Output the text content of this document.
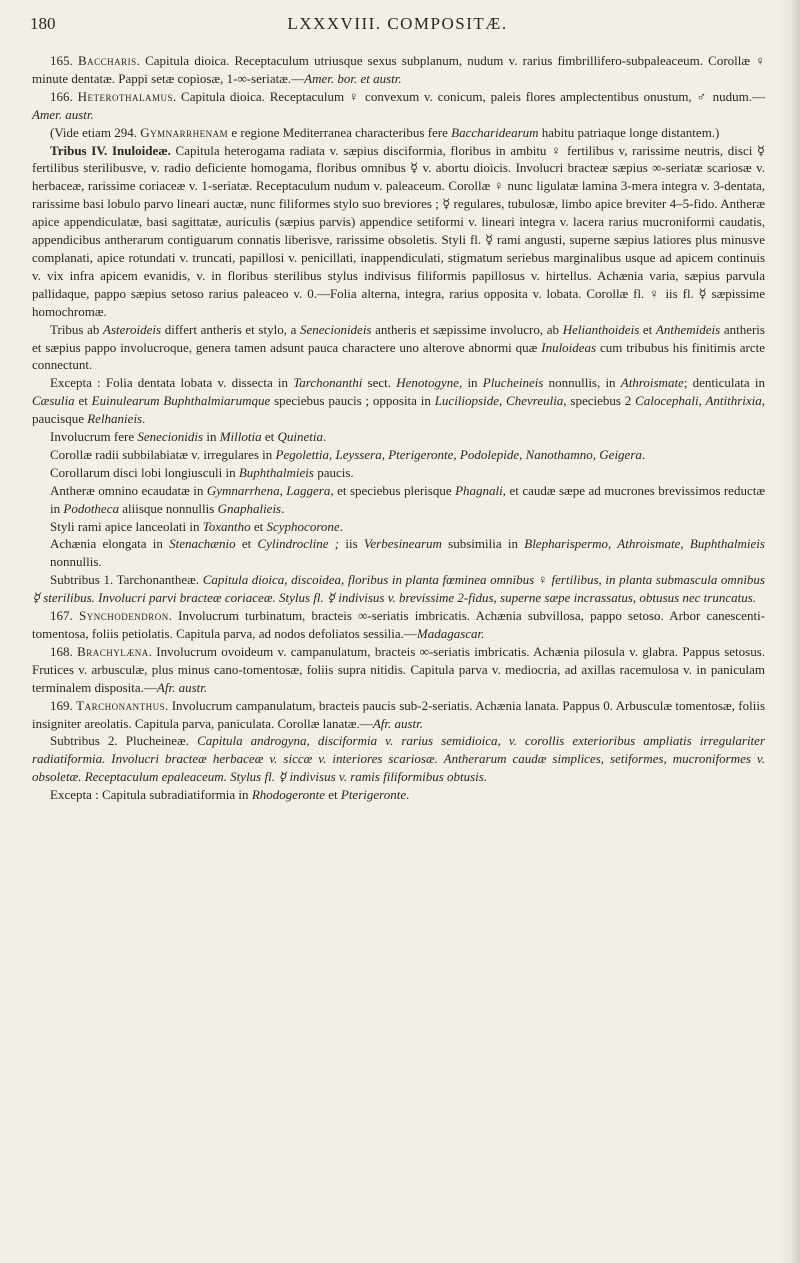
180	LXXXVIII. COMPOSITÆ.

165. Baccharis. Capitula dioica. Receptaculum utriusque sexus subplanum, nudum v. rarius fimbrillifero-subpaleaceum. Corollæ ♀ minute dentatæ. Pappi setæ copiosæ, 1-∞-seriatæ.—Amer. bor. et austr.

166. Heterothalamus. Capitula dioica. Receptaculum ♀ convexum v. conicum, paleis flores amplectentibus onustum, ♂ nudum.—Amer. austr.

(Vide etiam 294. Gymnarrhenam e regione Mediterranea characteribus fere Baccharidearum habitu patriaque longe distantem.)

Tribus IV. Inuloideæ. Capitula heterogama radiata v. sæpius disciformia, floribus in ambitu ♀ fertilibus v, rarissime neutris, disci ☿ fertilibus sterilibusve, v. radio deficiente homogama, floribus omnibus ☿ v. abortu dioicis. Involucri bracteæ sæpius ∞-seriatæ scariosæ v. herbaceæ, rarissime coriaceæ v. 1-seriatæ. Receptaculum nudum v. paleaceum. Corollæ ♀ nunc ligulatæ lamina 3-mera integra v. 3-dentata, rarissime basi lobulo parvo lineari auctæ, nunc filiformes stylo suo breviores ; ☿ regulares, tubulosæ, limbo apice breviter 4–5-fido. Antheræ apice appendiculatæ, basi sagittatæ, auriculis (sæpius parvis) appendice setiformi v. lineari integra v. lacera rarius mucroniformi caudatis, appendicibus antherarum contiguarum connatis liberisve, rarissime obsoletis. Styli fl. ☿ rami angusti, superne sæpius latiores plus minusve complanati, apice rotundati v. truncati, papillosi v. penicillati, inappendiculati, stigmatum seriebus marginalibus usque ad apicem continuis v. vix infra apicem evanidis, v. in floribus sterilibus stylus indivisus filiformis papillosus v. hirtellus. Achænia varia, sæpius parvula pallidaque, pappo sæpius setoso rarius paleaceo v. 0.—Folia alterna, integra, rarius opposita v. lobata. Corollæ fl. ♀ iis fl. ☿ sæpissime homochromæ.

Tribus ab Asteroideis differt antheris et stylo, a Senecionideis antheris et sæpissime involucro, ab Helianthoideis et Anthemideis antheris et sæpius pappo involucroque, genera tamen adsunt pauca charactere uno alterove abnormi quæ Inuloideas cum tribubus his finitimis arcte connectunt.

Excepta : Folia dentata lobata v. dissecta in Tarchonanthi sect. Henotogyne, in Plucheineis nonnullis, in Athroismate; denticulata in Cæsulia et Euinulearum Buphthalmiarumque speciebus paucis ; opposita in Luciliopside, Chevreulia, speciebus 2 Calocephali, Antithrixia, paucisque Relhanieis.

Involucrum fere Senecionidis in Millotia et Quinetia.

Corollæ radii subbilabiatæ v. irregulares in Pegolettia, Leyssera, Pterigeronte, Podolepide, Nanothamno, Geigera.

Corollarum disci lobi longiusculi in Buphthalmieis paucis.

Antheræ omnino ecaudatæ in Gymnarrhena, Laggera, et speciebus plerisque Phagnali, et caudæ sæpe ad mucrones brevissimos reductæ in Podotheca aliisque nonnullis Gnaphalieis.

Styli rami apice lanceolati in Toxantho et Scyphocorone.

Achænia elongata in Stenachænio et Cylindrocline ; iis Verbesinearum subsimilia in Blepharispermo, Athroismate, Buphthalmieis nonnullis.

Subtribus 1. Tarchonantheæ. Capitula dioica, discoidea, floribus in planta fœminea omnibus ♀ fertilibus, in planta submascula omnibus ☿ sterilibus. Involucri parvi bracteæ coriaceæ. Stylus fl. ☿ indivisus v. brevissime 2-fidus, superne sæpe incrassatus, obtusus nec truncatus.

167. Synchodendron. Involucrum turbinatum, bracteis ∞-seriatis imbricatis. Achænia subvillosa, pappo setoso. Arbor canescenti-tomentosa, foliis petiolatis. Capitula parva, ad nodos defoliatos sessilia.—Madagascar.

168. Brachylæna. Involucrum ovoideum v. campanulatum, bracteis ∞-seriatis imbricatis. Achænia pilosula v. glabra. Pappus setosus. Frutices v. arbusculæ, plus minus cano-tomentosæ, foliis supra nitidis. Capitula parva v. mediocria, ad axillas racemulosa v. in paniculam terminalem disposita.—Afr. austr.

169. Tarchonanthus. Involucrum campanulatum, bracteis paucis sub-2-seriatis. Achænia lanata. Pappus 0. Arbusculæ tomentosæ, foliis insigniter areolatis. Capitula parva, paniculata. Corollæ lanatæ.—Afr. austr.

Subtribus 2. Plucheineæ. Capitula androgyna, disciformia v. rarius semidioica, v. corollis exterioribus ampliatis irregulariter radiatiformia. Involucri bracteæ herbaceæ v. siccæ v. interiores scariosæ. Antherarum caudæ simplices, setiformes, mucroniformes v. obsoletæ. Receptaculum epaleaceum. Stylus fl. ☿ indivisus v. ramis filiformibus obtusis.

Excepta : Capitula subradiatiformia in Rhodogeronte et Pterigeronte.
